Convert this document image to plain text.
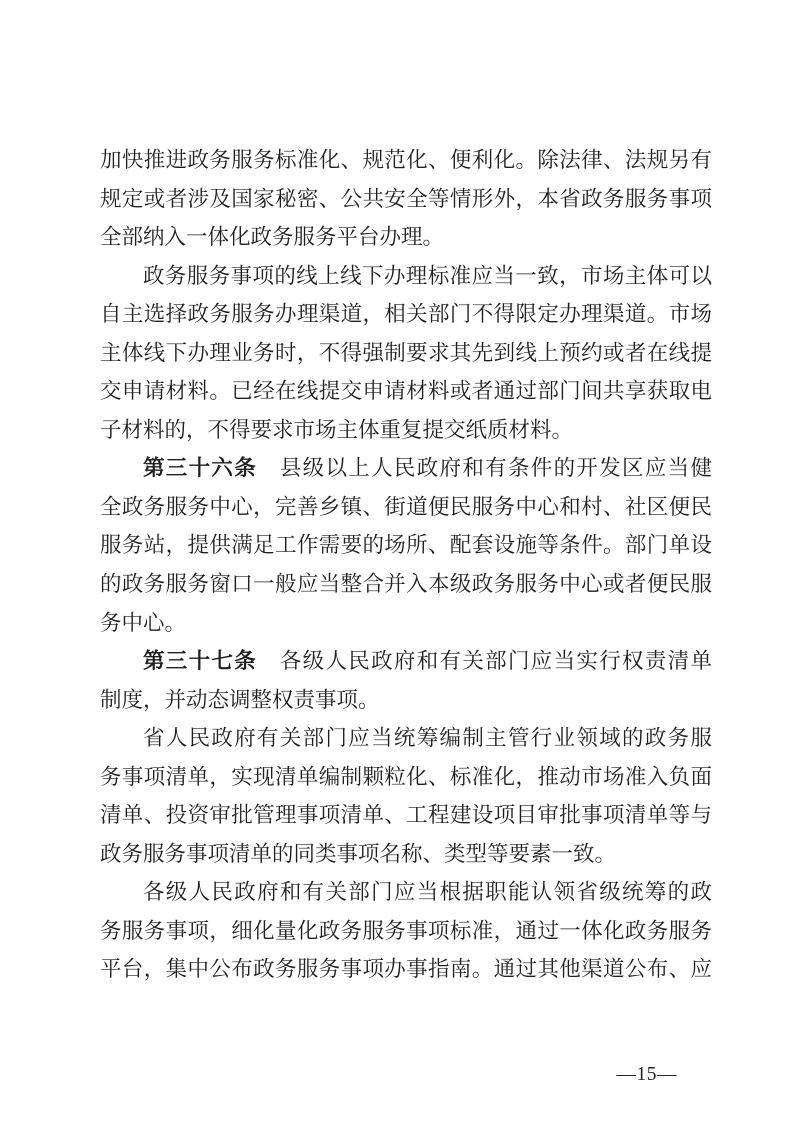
加快推进政务服务标准化、规范化、便利化。除法律、法规另有
规定或者涉及国家秘密、公共安全等情形外，本省政务服务事项
全部纳入一体化政务服务平台办理。
政务服务事项的线上线下办理标准应当一致，市场主体可以
自主选择政务服务办理渠道，相关部门不得限定办理渠道。市场
主体线下办理业务时，不得强制要求其先到线上预约或者在线提
交申请材料。已经在线提交申请材料或者通过部门间共享获取电
子材料的，不得要求市场主体重复提交纸质材料。
第三十六条　县级以上人民政府和有条件的开发区应当健
全政务服务中心，完善乡镇、街道便民服务中心和村、社区便民
服务站，提供满足工作需要的场所、配套设施等条件。部门单设
的政务服务窗口一般应当整合并入本级政务服务中心或者便民服
务中心。
第三十七条　各级人民政府和有关部门应当实行权责清单
制度，并动态调整权责事项。
省人民政府有关部门应当统筹编制主管行业领域的政务服
务事项清单，实现清单编制颗粒化、标准化，推动市场准入负面
清单、投资审批管理事项清单、工程建设项目审批事项清单等与
政务服务事项清单的同类事项名称、类型等要素一致。
各级人民政府和有关部门应当根据职能认领省级统筹的政
务服务事项，细化量化政务服务事项标准，通过一体化政务服务
平台，集中公布政务服务事项办事指南。通过其他渠道公布、应
—15—
